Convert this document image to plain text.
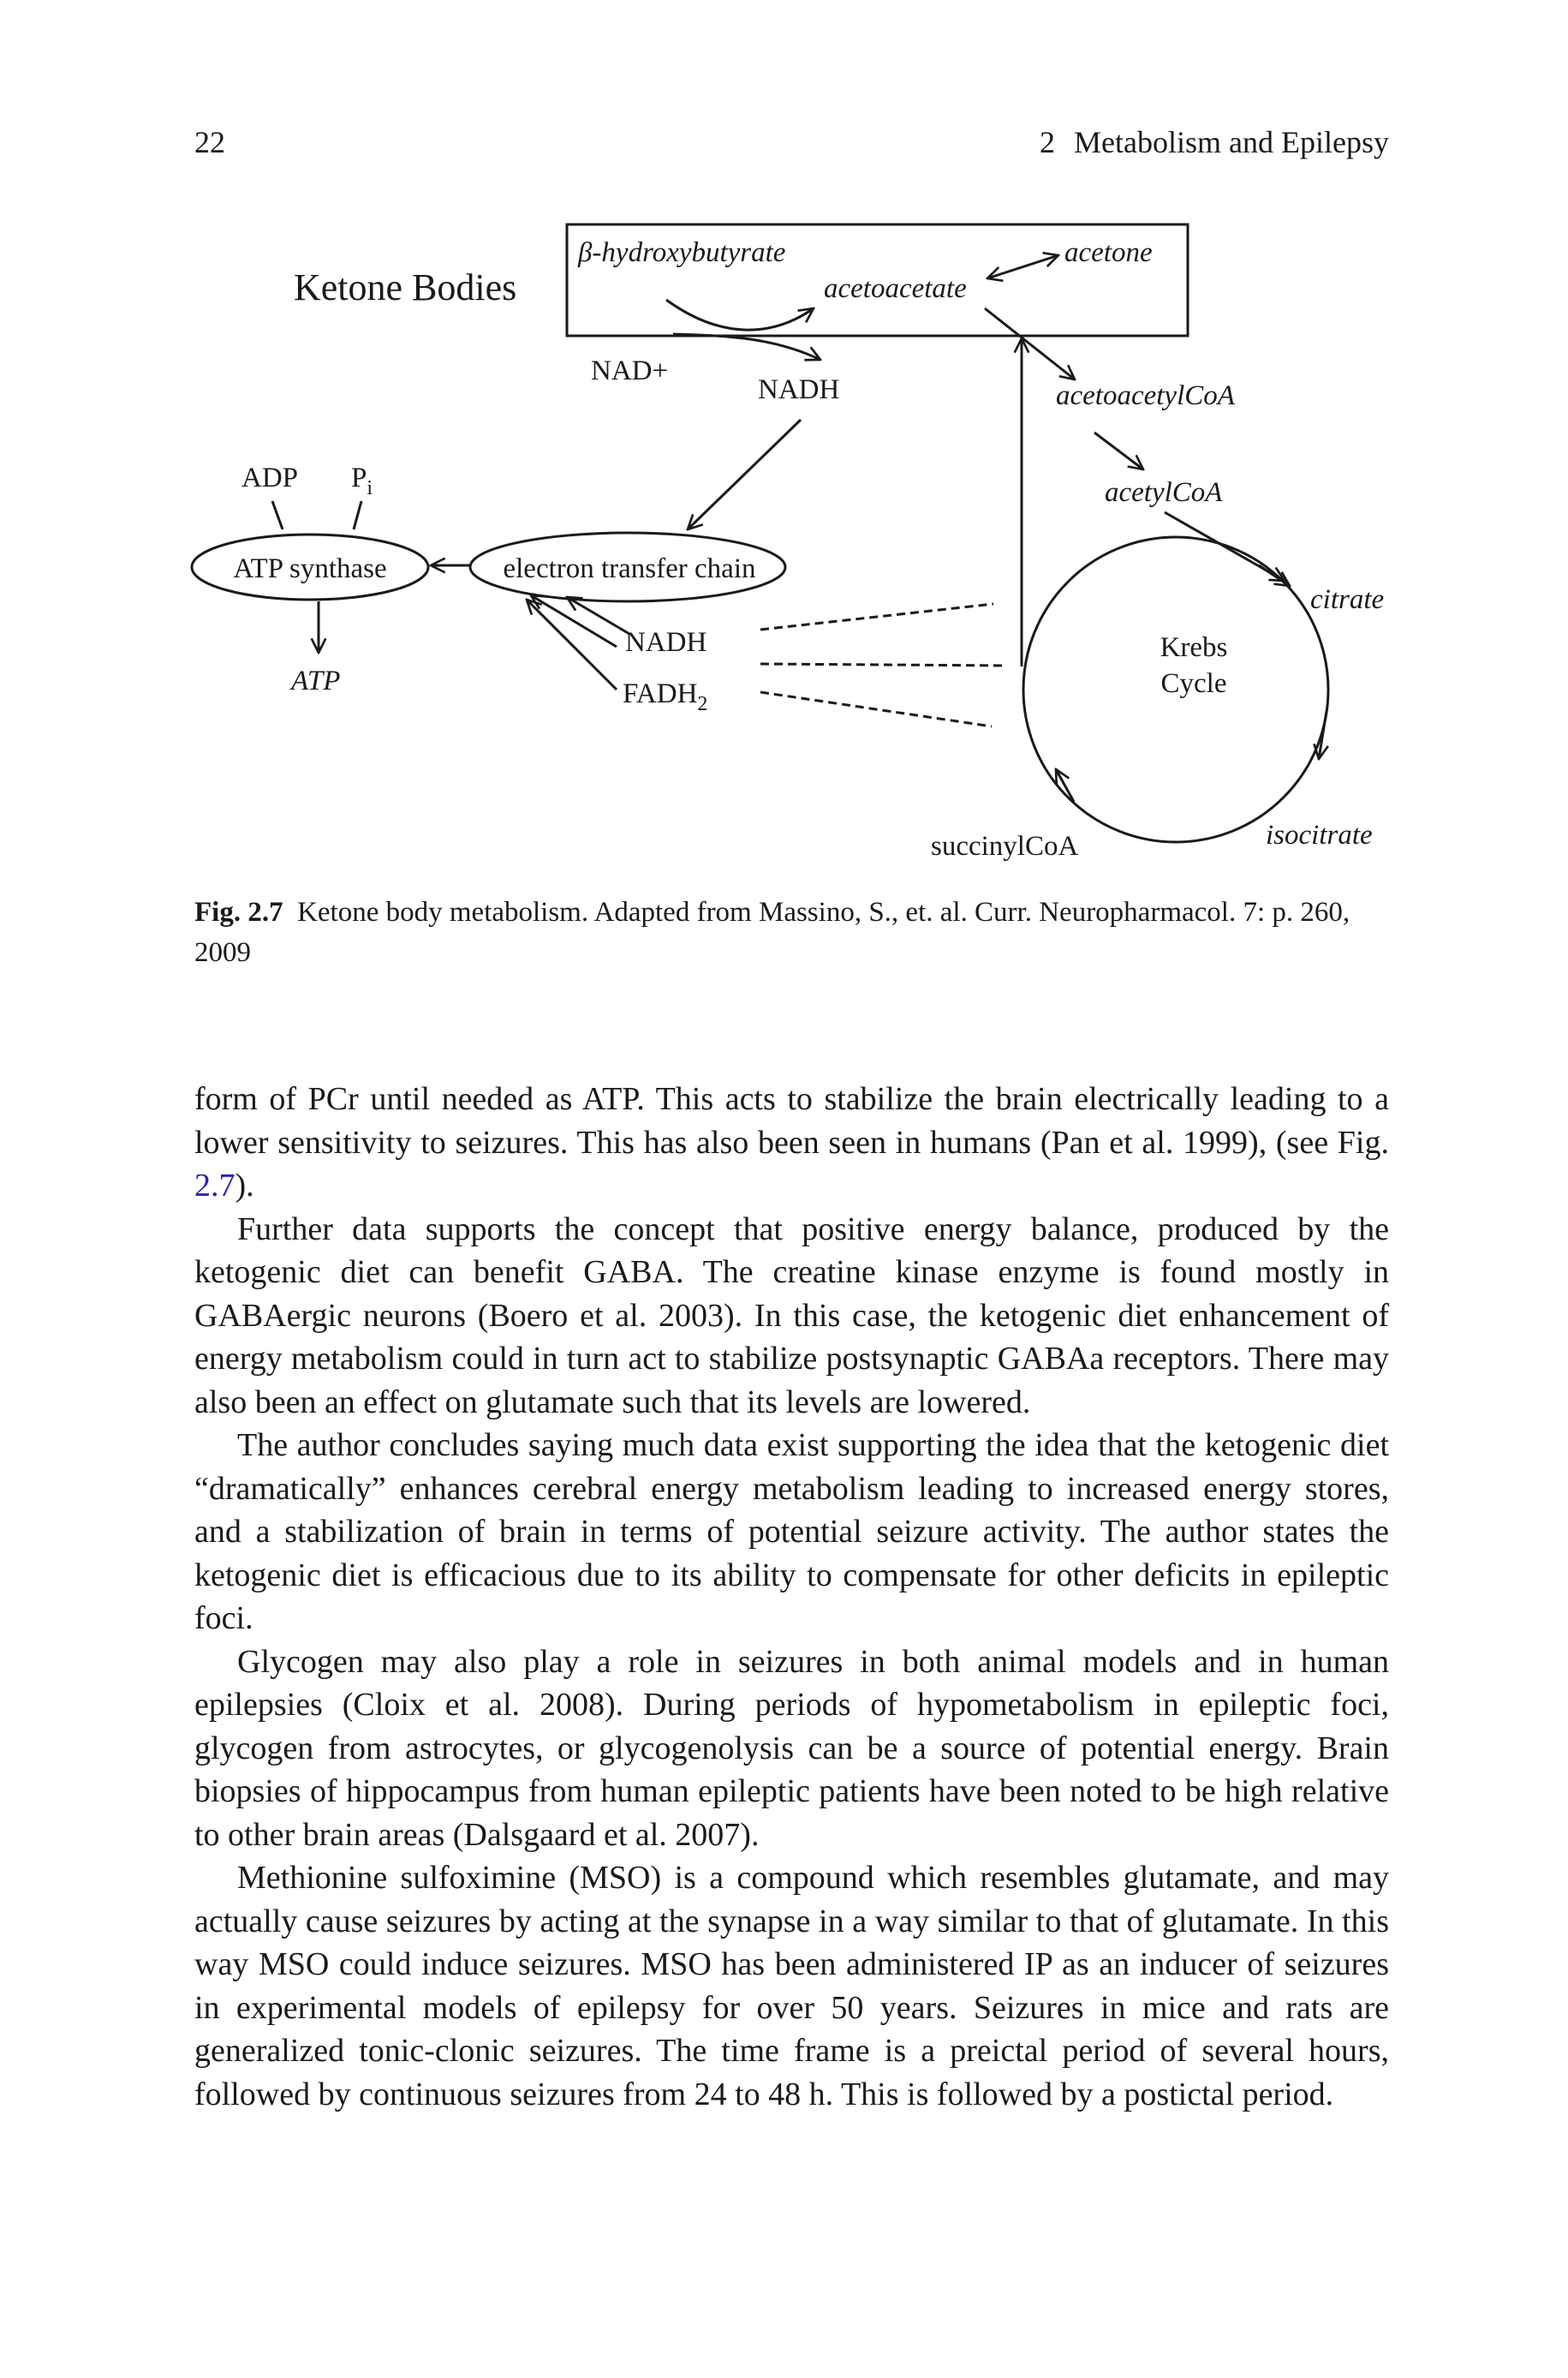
22	2 Metabolism and Epilepsy
Ketone Bodies
β-hydroxybutyrate
acetoacetate
acetone
NAD+
NADH	acetoacetylCoA
acetylCoA
ADP $P_i$
ATP synthase
ATP
electron transfer chain
NADH
$FADH_2$
Krebs
Cycle
citrate
succinylCoA	isocitrate
Fig. 2.7 Ketone body metabolism. Adapted from Massino, S., et. al. Curr. Neuropharmacol. 7: p. 260, 2009

form of PCr until needed as ATP. This acts to stabilize the brain electrically leading to a lower sensitivity to seizures. This has also been seen in humans (Pan et al. 1999), (see Fig. 2.7).

Further data supports the concept that positive energy balance, produced by the ketogenic diet can benefit GABA. The creatine kinase enzyme is found mostly in GABAergic neurons (Boero et al. 2003). In this case, the ketogenic diet enhancement of energy metabolism could in turn act to stabilize postsynaptic GABAa receptors. There may also been an effect on glutamate such that its levels are lowered.

The author concludes saying much data exist supporting the idea that the ketogenic diet “dramatically” enhances cerebral energy metabolism leading to increased energy stores, and a stabilization of brain in terms of potential seizure activity. The author states the ketogenic diet is efficacious due to its ability to compensate for other deficits in epileptic foci.

Glycogen may also play a role in seizures in both animal models and in human epilepsies (Cloix et al. 2008). During periods of hypometabolism in epileptic foci, glycogen from astrocytes, or glycogenolysis can be a source of potential energy. Brain biopsies of hippocampus from human epileptic patients have been noted to be high relative to other brain areas (Dalsgaard et al. 2007).

Methionine sulfoximine (MSO) is a compound which resembles glutamate, and may actually cause seizures by acting at the synapse in a way similar to that of glutamate. In this way MSO could induce seizures. MSO has been administered IP as an inducer of seizures in experimental models of epilepsy for over 50 years. Seizures in mice and rats are generalized tonic-clonic seizures. The time frame is a preictal period of several hours, followed by continuous seizures from 24 to 48 h. This is followed by a postictal period.
